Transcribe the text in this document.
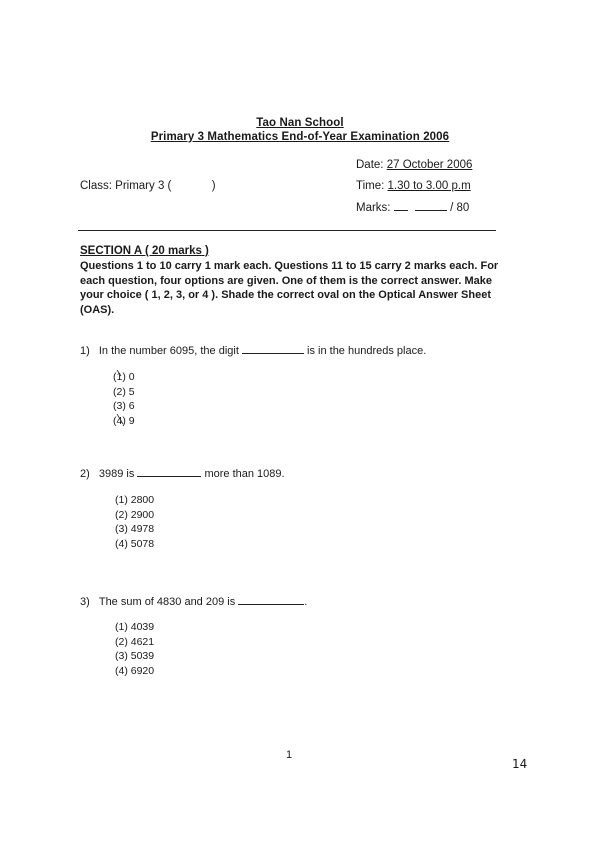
Tao Nan School
Primary 3 Mathematics End-of-Year Examination 2006
Date: 27 October 2006
Class: Primary 3 (	)	Time: 1.30 to 3.00 p.m
Marks:	/ 80
SECTION A ( 20 marks )
Questions 1 to 10 carry 1 mark each. Questions 11 to 15 carry 2 marks each. For each question, four options are given. One of them is the correct answer. Make your choice ( 1, 2, 3, or 4 ). Shade the correct oval on the Optical Answer Sheet (OAS).
1) In the number 6095, the digit	is in the hundreds place.
(1) 0
(2) 5
(3) 6
(4) 9
2) 3989 is	more than 1089.
(1) 2800
(2) 2900
(3) 4978
(4) 5078
3) The sum of 4830 and 209 is	.
(1) 4039
(2) 4621
(3) 5039
(4) 6920
1
14
